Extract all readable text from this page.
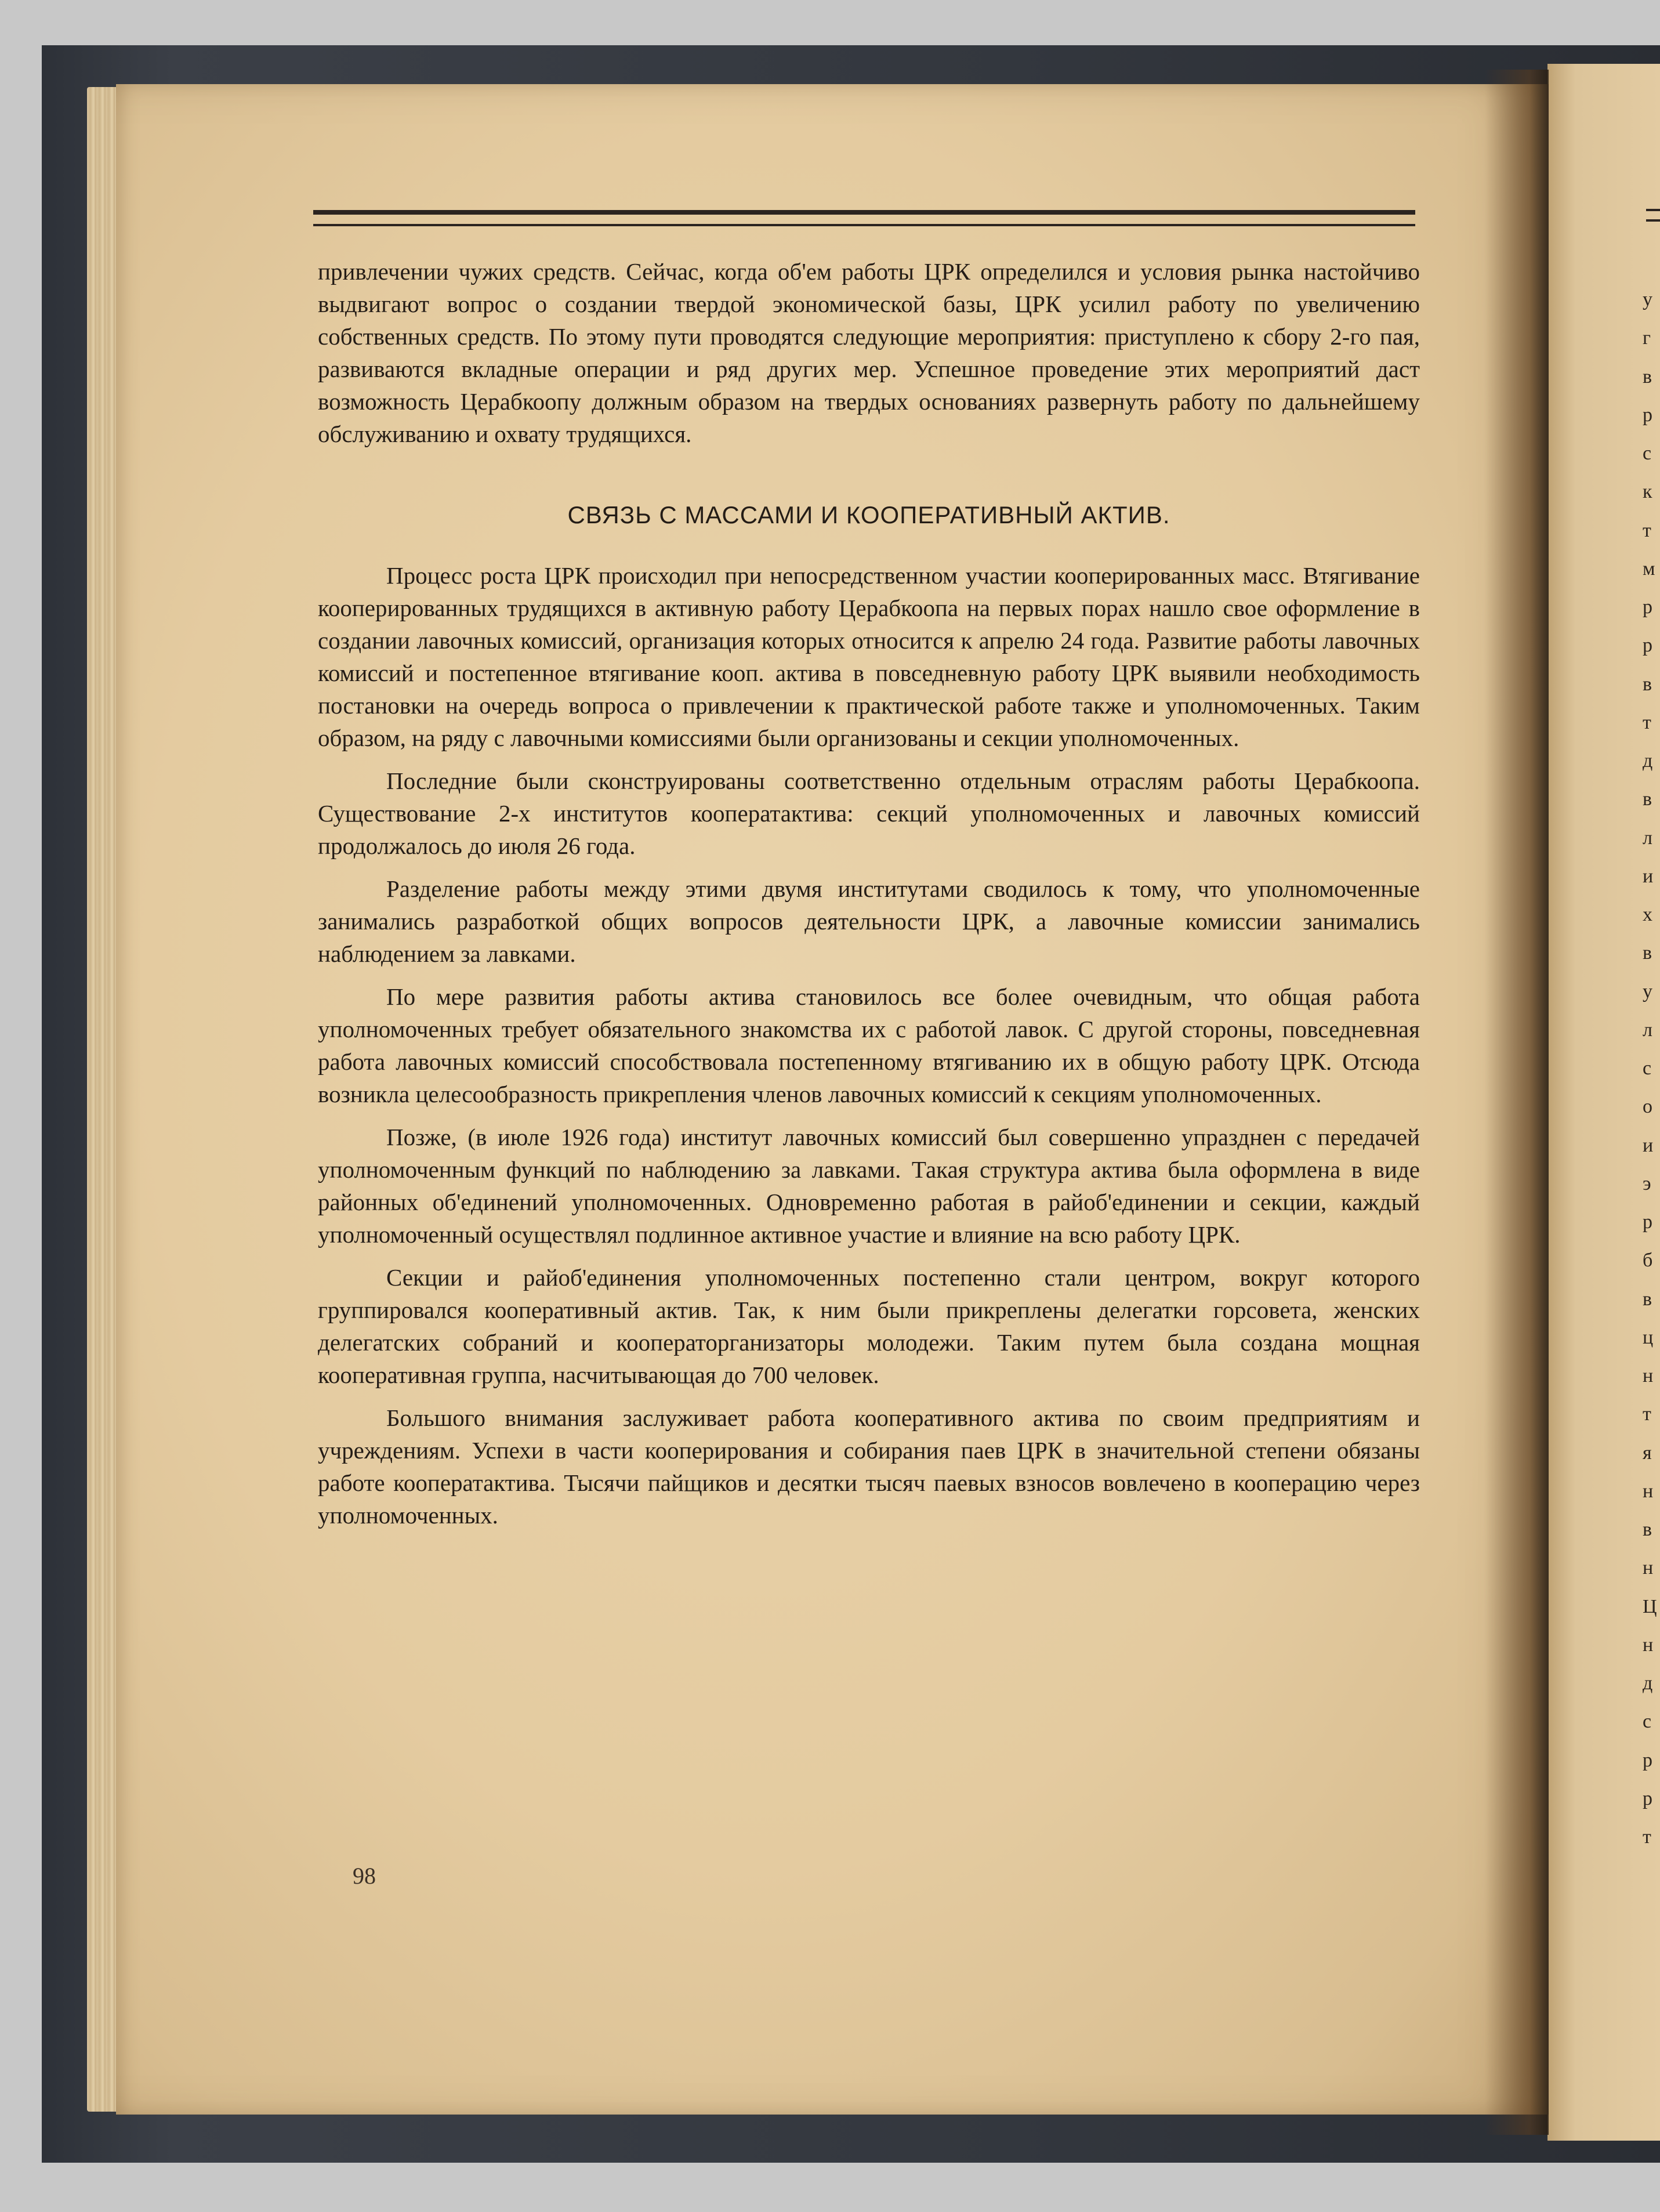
у
г
в
р
с
к
т
м
р
р
в
т
д
в
л
и
х
в
у
л
с
о
и
э
р
б
в
ц
н
т
я
н
в
н
Ц
н
д
с
р
р
т

привлечении чужих средств. Сейчас, когда об'ем работы ЦРК определился и условия рынка настойчиво выдвигают вопрос о создании твердой экономической базы, ЦРК усилил работу по увеличению собственных средств. По этому пути проводятся следующие мероприятия: приступлено к сбору 2-го пая, развиваются вкладные операции и ряд других мер. Успешное проведение этих мероприятий даст возможность Церабкоопу должным образом на твердых основаниях развернуть работу по дальнейшему обслуживанию и охвату трудящихся.

СВЯЗЬ С МАССАМИ И КООПЕРАТИВНЫЙ АКТИВ.

Процесс роста ЦРК происходил при непосредственном участии кооперированных масс. Втягивание кооперированных трудящихся в активную работу Церабкоопа на первых порах нашло свое оформление в создании лавочных комиссий, организация которых относится к апрелю 24 года. Развитие работы лавочных комиссий и постепенное втягивание кооп. актива в повседневную работу ЦРК выявили необходимость постановки на очередь вопроса о привлечении к практической работе также и уполномоченных. Таким образом, на ряду с лавочными комиссиями были организованы и секции уполномоченных.

Последние были сконструированы соответственно отдельным отраслям работы Церабкоопа. Существование 2-х институтов кооператактива: секций уполномоченных и лавочных комиссий продолжалось до июля 26 года.

Разделение работы между этими двумя институтами сводилось к тому, что уполномоченные занимались разработкой общих вопросов деятельности ЦРК, а лавочные комиссии занимались наблюдением за лавками.

По мере развития работы актива становилось все более очевидным, что общая работа уполномоченных требует обязательного знакомства их с работой лавок. С другой стороны, повседневная работа лавочных комиссий способствовала постепенному втягиванию их в общую работу ЦРК. Отсюда возникла целесообразность прикрепления членов лавочных комиссий к секциям уполномоченных.

Позже, (в июле 1926 года) институт лавочных комиссий был совершенно упразднен с передачей уполномоченным функций по наблюдению за лавками. Такая структура актива была оформлена в виде районных об'единений уполномоченных. Одновременно работая в райоб'единении и секции, каждый уполномоченный осуществлял подлинное активное участие и влияние на всю работу ЦРК.

Секции и райоб'единения уполномоченных постепенно стали центром, вокруг которого группировался кооперативный актив. Так, к ним были прикреплены делегатки горсовета, женских делегатских собраний и кооператорганизаторы молодежи. Таким путем была создана мощная кооперативная группа, насчитывающая до 700 человек.

Большого внимания заслуживает работа кооперативного актива по своим предприятиям и учреждениям. Успехи в части кооперирования и собирания паев ЦРК в значительной степени обязаны работе кооператактива. Тысячи пайщиков и десятки тысяч паевых взносов вовлечено в кооперацию через уполномоченных.

98
